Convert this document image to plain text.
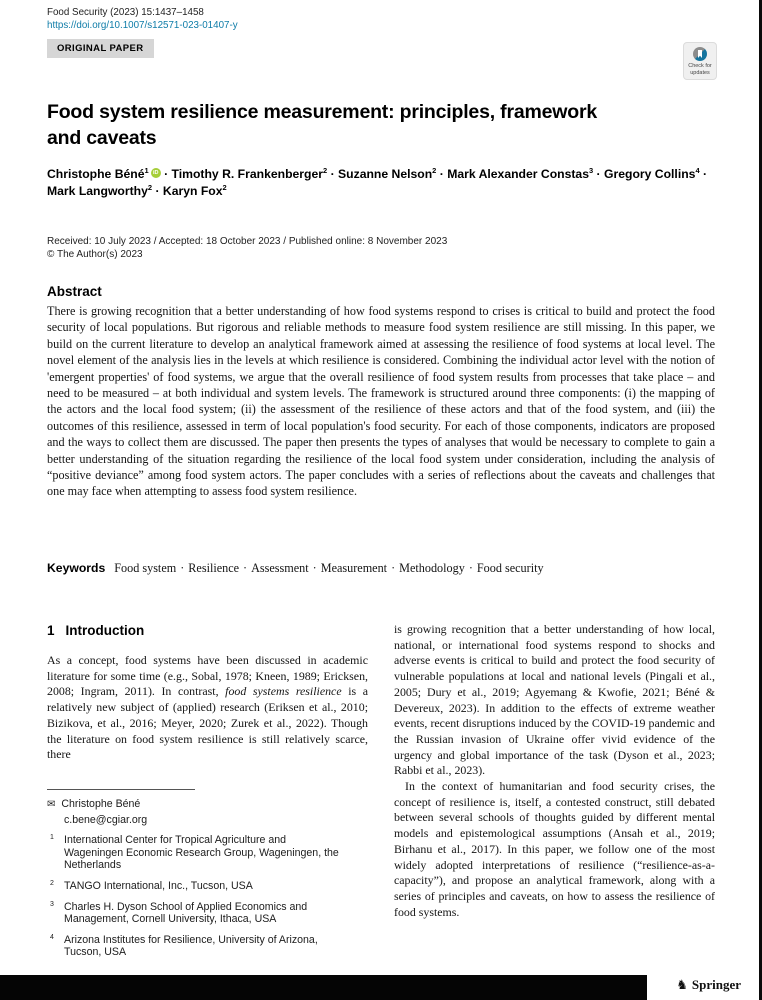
Food Security (2023) 15:1437–1458
https://doi.org/10.1007/s12571-023-01407-y
ORIGINAL PAPER
Check for
updates
Food system resilience measurement: principles, framework and caveats
Christophe Béné$^1$ iD · Timothy R. Frankenberger$^2$ · Suzanne Nelson$^2$ · Mark Alexander Constas$^3$ · Gregory Collins$^4$ · Mark Langworthy$^2$ · Karyn Fox$^2$
Received: 10 July 2023 / Accepted: 18 October 2023 / Published online: 8 November 2023
© The Author(s) 2023
Abstract

There is growing recognition that a better understanding of how food systems respond to crises is critical to build and protect the food security of local populations. But rigorous and reliable methods to measure food system resilience are still missing. In this paper, we build on the current literature to develop an analytical framework aimed at assessing the resilience of food systems at local level. The novel element of the analysis lies in the levels at which resilience is considered. Combining the individual actor level with the notion of 'emergent properties' of food systems, we argue that the overall resilience of food system results from processes that take place – and need to be measured – at both individual and system levels. The framework is structured around three components: (i) the mapping of the actors and the local food system; (ii) the assessment of the resilience of these actors and that of the food system, and (iii) the outcomes of this resilience, assessed in term of local population's food security. For each of those components, indicators are proposed and the ways to collect them are discussed. The paper then presents the types of analyses that would be necessary to complete to gain a better understanding of the situation regarding the resilience of the local food system under consideration, including the analysis of “positive deviance” among food system actors. The paper concludes with a series of reflections about the caveats and challenges that one may face when attempting to assess food system resilience.

Keywords Food system · Resilience · Assessment · Measurement · Methodology · Food security
1 Introduction

As a concept, food systems have been discussed in academic literature for some time (e.g., Sobal, 1978; Kneen, 1989; Ericksen, 2008; Ingram, 2011). In contrast, food systems resilience is a relatively new subject of (applied) research (Eriksen et al., 2010; Bizikova, et al., 2016; Meyer, 2020; Zurek et al., 2022). Though the literature on food system resilience is still relatively scarce, there

is growing recognition that a better understanding of how local, national, or international food systems respond to shocks and adverse events is critical to build and protect the food security of vulnerable populations at local and national levels (Pingali et al., 2005; Dury et al., 2019; Agyemang & Kwofie, 2021; Béné & Devereux, 2023). In addition to the effects of extreme weather events, recent disruptions induced by the COVID-19 pandemic and the Russian invasion of Ukraine offer vivid evidence of the urgency and global importance of the task (Dyson et al., 2023; Rabbi et al., 2023).

In the context of humanitarian and food security crises, the concept of resilience is, itself, a contested construct, still debated between several schools of thoughts guided by different mental models and epistemological assumptions (Ansah et al., 2019; Birhanu et al., 2017). In this paper, we follow one of the most widely adopted interpretations of resilience (“resilience-as-a-capacity”), and propose an analytical framework, along with a series of principles and caveats, on how to assess the resilience of food systems.

✉ Christophe Béné
c.bene@cgiar.org
1 International Center for Tropical Agriculture and Wageningen Economic Research Group, Wageningen, the Netherlands
2 TANGO International, Inc., Tucson, USA
3 Charles H. Dyson School of Applied Economics and Management, Cornell University, Ithaca, USA
4 Arizona Institutes for Resilience, University of Arizona, Tucson, USA
♞ Springer
